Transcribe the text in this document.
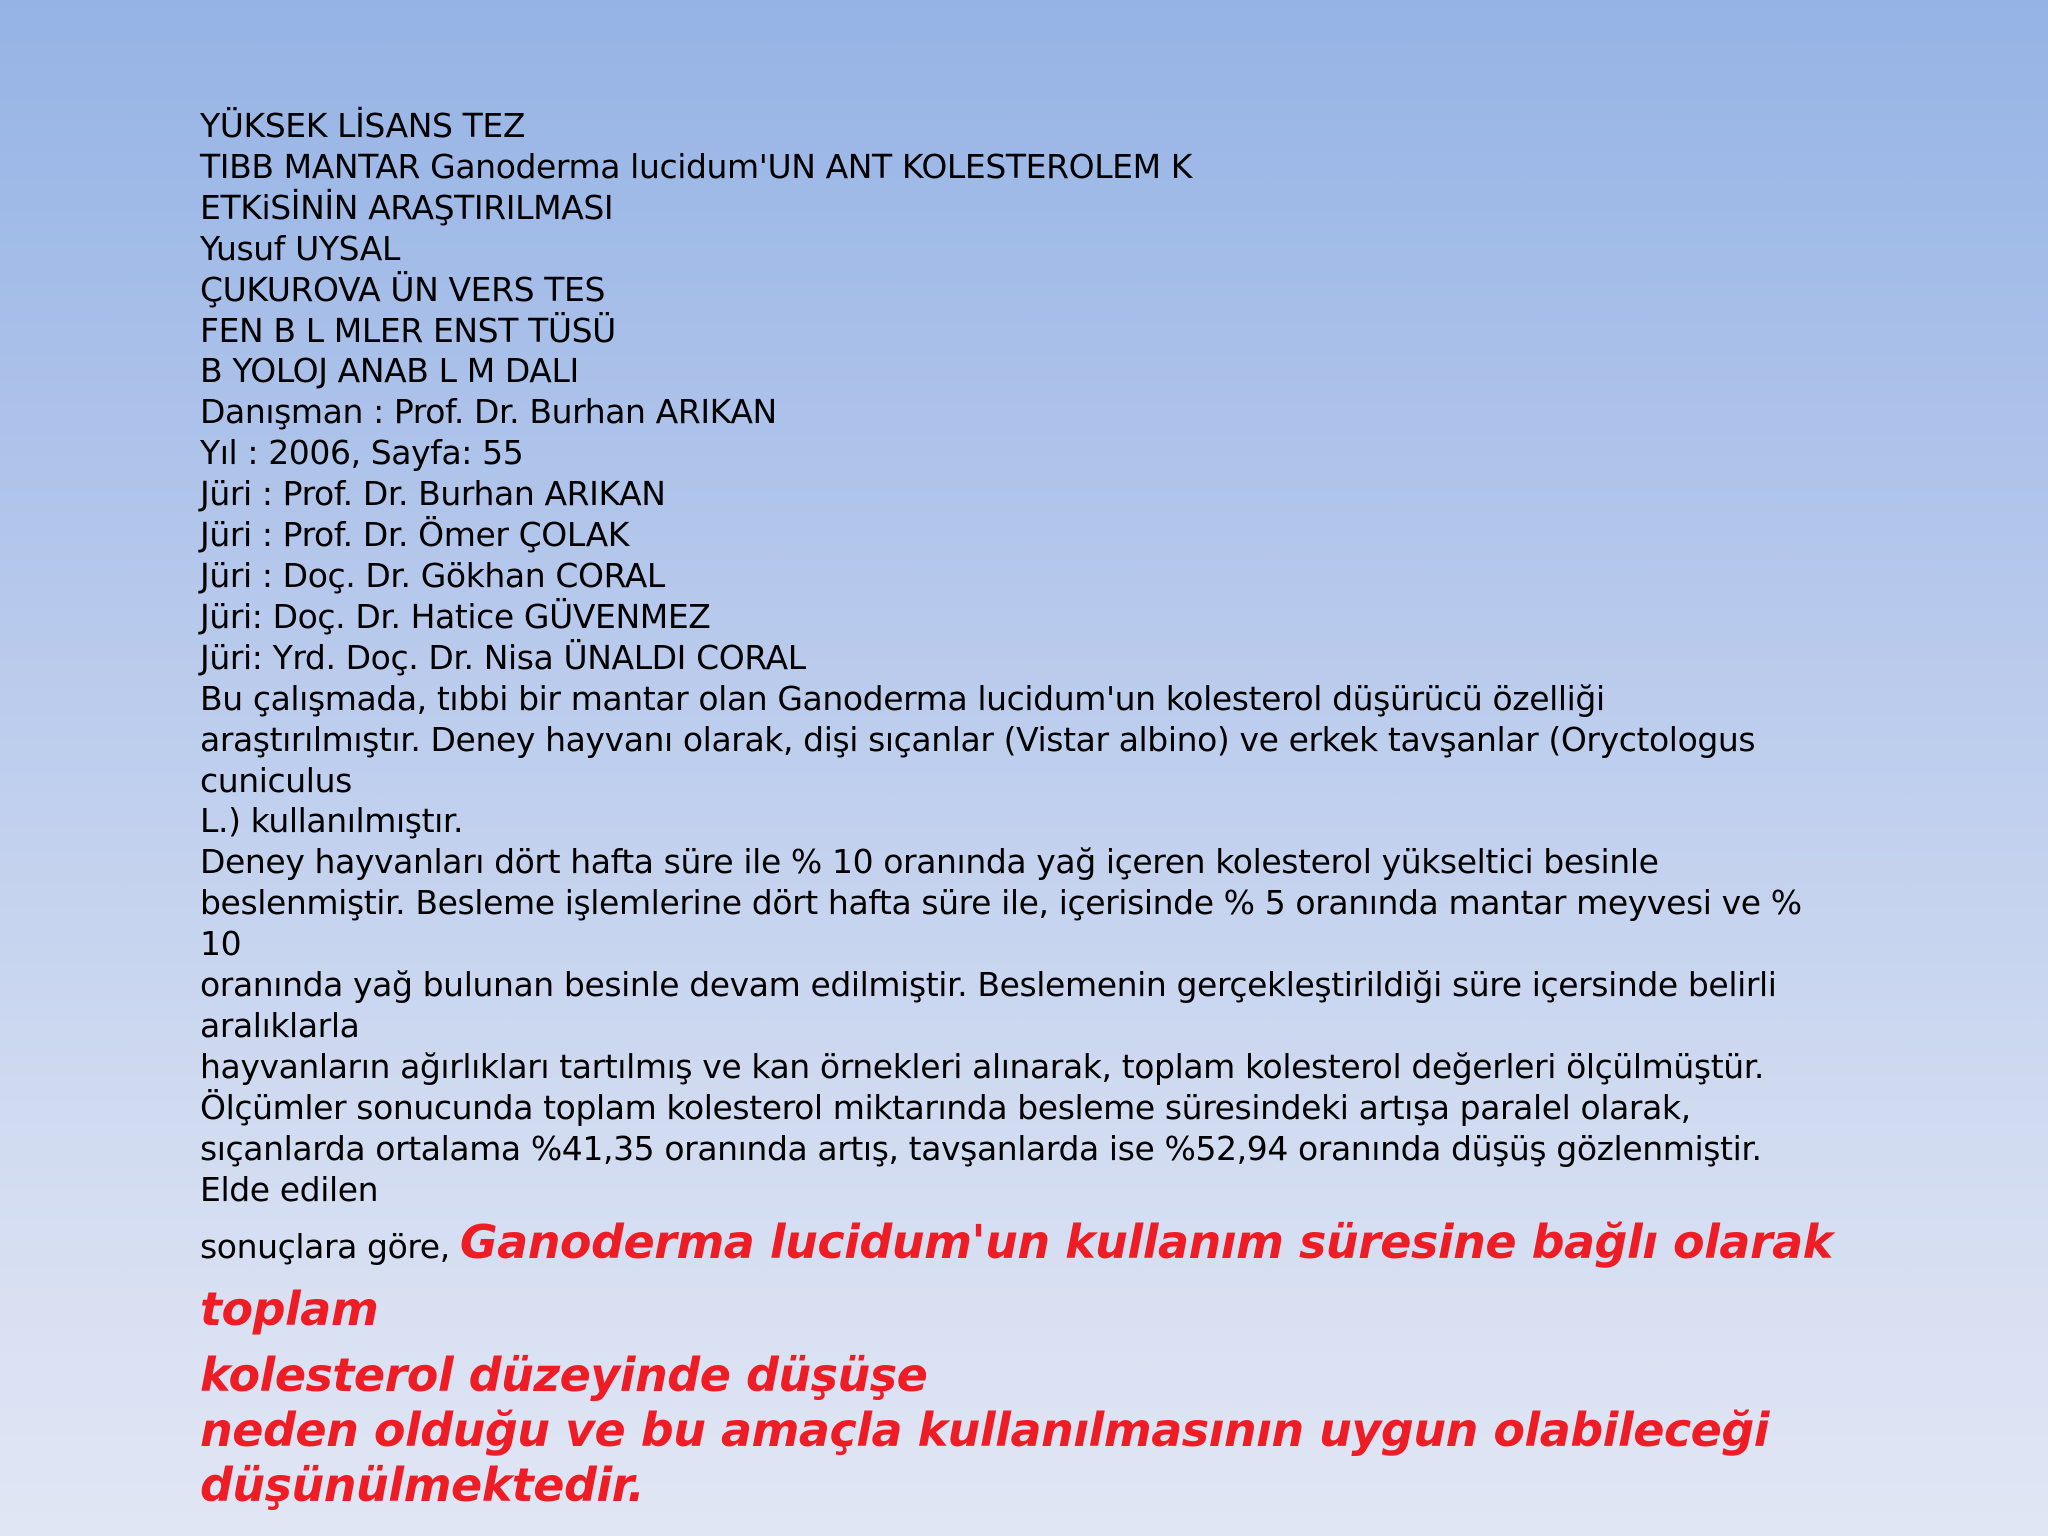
YÜKSEK LİSANS TEZ
TIBB MANTAR Ganoderma lucidum'UN ANT KOLESTEROLEM K
ETKiSİNİN ARAŞTIRILMASI
Yusuf UYSAL
ÇUKUROVA ÜN VERS TES
FEN B L MLER ENST TÜSÜ
B YOLOJ ANAB L M DALI
Danışman : Prof. Dr. Burhan ARIKAN
Yıl : 2006, Sayfa: 55
Jüri : Prof. Dr. Burhan ARIKAN
Jüri : Prof. Dr. Ömer ÇOLAK
Jüri : Doç. Dr. Gökhan CORAL
Jüri: Doç. Dr. Hatice GÜVENMEZ
Jüri: Yrd. Doç. Dr. Nisa ÜNALDI CORAL
Bu çalışmada, tıbbi bir mantar olan Ganoderma lucidum'un kolesterol düşürücü özelliği
araştırılmıştır. Deney hayvanı olarak, dişi sıçanlar (Vistar albino) ve erkek tavşanlar (Oryctologus
cuniculus
L.) kullanılmıştır.
Deney hayvanları dört hafta süre ile % 10 oranında yağ içeren kolesterol yükseltici besinle
beslenmiştir. Besleme işlemlerine dört hafta süre ile, içerisinde % 5 oranında mantar meyvesi ve %
10
oranında yağ bulunan besinle devam edilmiştir. Beslemenin gerçekleştirildiği süre içersinde belirli
aralıklarla
hayvanların ağırlıkları tartılmış ve kan örnekleri alınarak, toplam kolesterol değerleri ölçülmüştür.
Ölçümler sonucunda toplam kolesterol miktarında besleme süresindeki artışa paralel olarak,
sıçanlarda ortalama %41,35 oranında artış, tavşanlarda ise %52,94 oranında düşüş gözlenmiştir.
Elde edilen
sonuçlara göre, Ganoderma lucidum'un kullanım süresine bağlı olarak toplam
kolesterol düzeyinde düşüşe
neden olduğu ve bu amaçla kullanılmasının uygun olabileceği
düşünülmektedir.
